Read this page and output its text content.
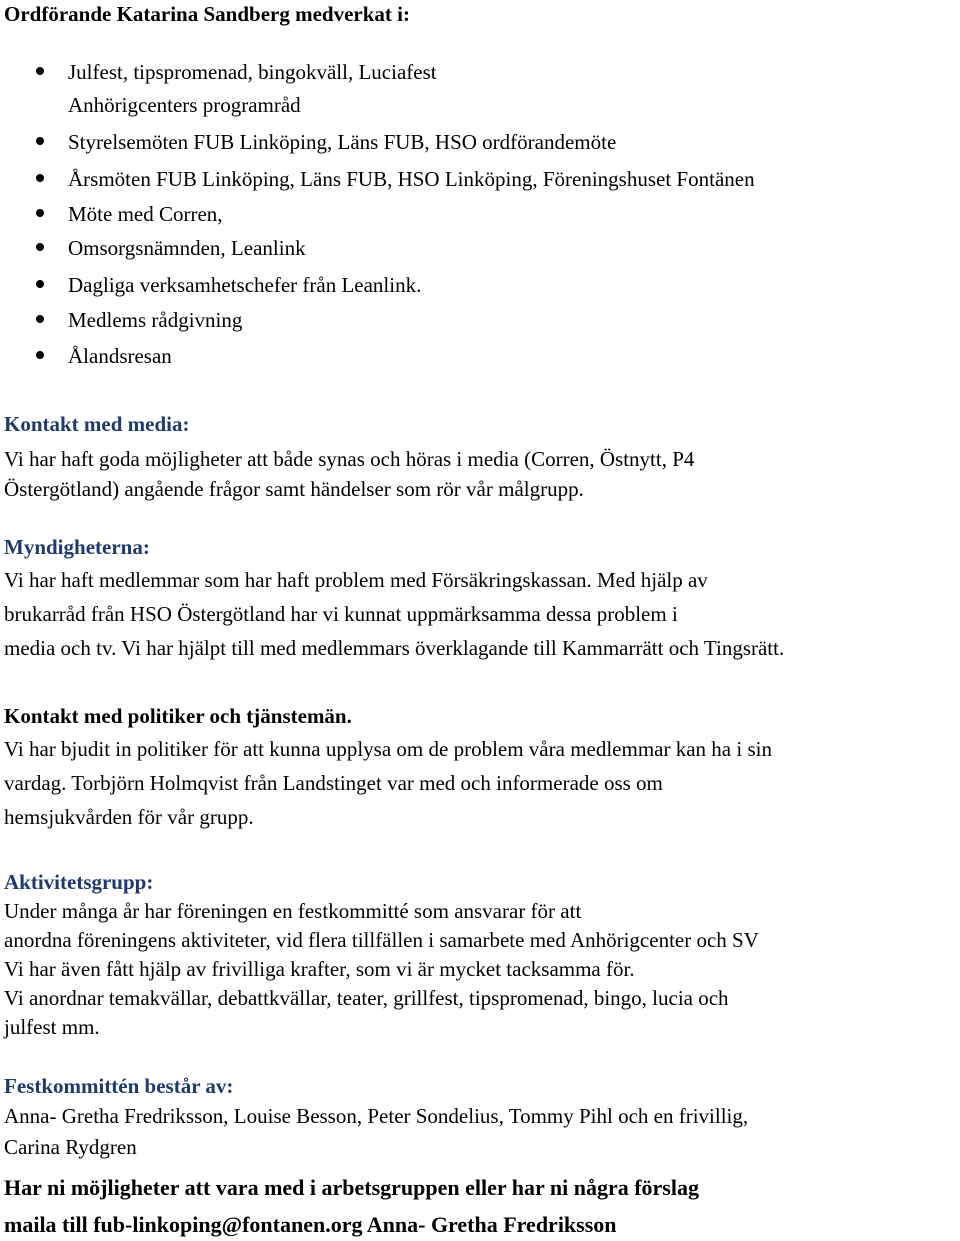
Ordförande Katarina Sandberg medverkat i:
Julfest, tipspromenad, bingokväll, Luciafest
Anhörigcenters programråd
Styrelsemöten FUB Linköping, Läns FUB, HSO ordförandemöte
Årsmöten FUB Linköping, Läns FUB, HSO Linköping, Föreningshuset Fontänen
Möte med Corren,
Omsorgsnämnden, Leanlink
Dagliga verksamhetschefer från Leanlink.
Medlems rådgivning
Ålandsresan
Kontakt med media:
Vi har haft goda möjligheter att både synas och höras i media (Corren, Östnytt, P4
Östergötland) angående frågor samt händelser som rör vår målgrupp.
Myndigheterna:
Vi har haft medlemmar som har haft problem med Försäkringskassan. Med hjälp av
brukarråd från HSO Östergötland har vi kunnat uppmärksamma dessa problem i
media och tv. Vi har hjälpt till med medlemmars överklagande till Kammarrätt och Tingsrätt.
Kontakt med politiker och tjänstemän.
Vi har bjudit in politiker för att kunna upplysa om de problem våra medlemmar kan ha i sin
vardag. Torbjörn Holmqvist från Landstinget var med och informerade oss om
hemsjukvården för vår grupp.
Aktivitetsgrupp:
Under många år har föreningen en festkommitté som ansvarar för att
anordna föreningens aktiviteter, vid flera tillfällen i samarbete med Anhörigcenter och SV
Vi har även fått hjälp av frivilliga krafter, som vi är mycket tacksamma för.
Vi anordnar temakvällar, debattkvällar, teater, grillfest, tipspromenad, bingo, lucia och
julfest mm.
Festkommittén består av:
Anna- Gretha Fredriksson, Louise Besson, Peter Sondelius, Tommy Pihl och en frivillig,
Carina Rydgren
Har ni möjligheter att vara med i arbetsgruppen eller har ni några förslag
maila till fub-linkoping@fontanen.org Anna- Gretha Fredriksson
